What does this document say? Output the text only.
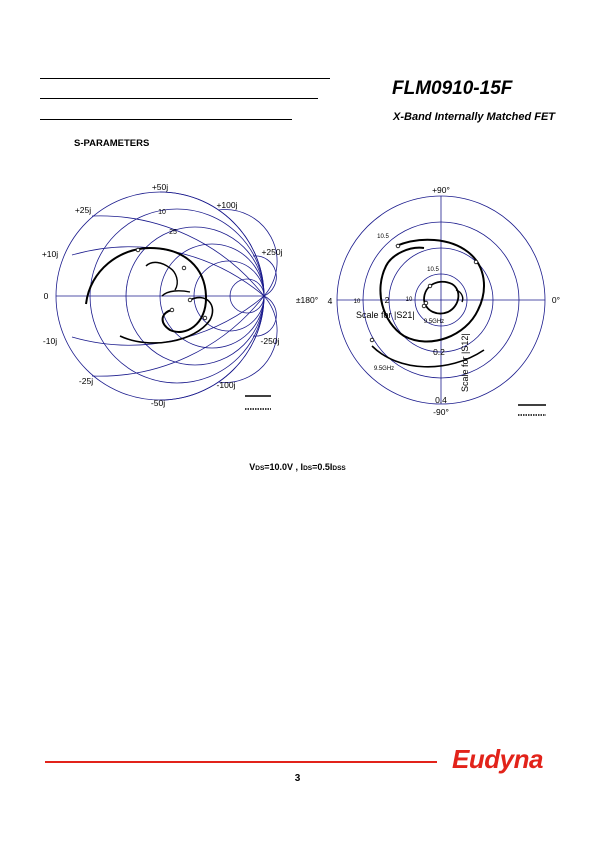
FLM0910-15F
X-Band Internally Matched FET
S-PARAMETERS
+50j
+25j	+100j
+10j	+250j
0
-10j	-250j
-25j	-100j
-50j
10
25
+90°
±180°	0°
-90°
4	2
0.2
0.4
10	10
10.5
10.5
9.5GHz
9.5GHz
Scale for |S21|
Scale for |S12|
VDS=10.0V , IDS=0.5IDSS
Eudyna
3
